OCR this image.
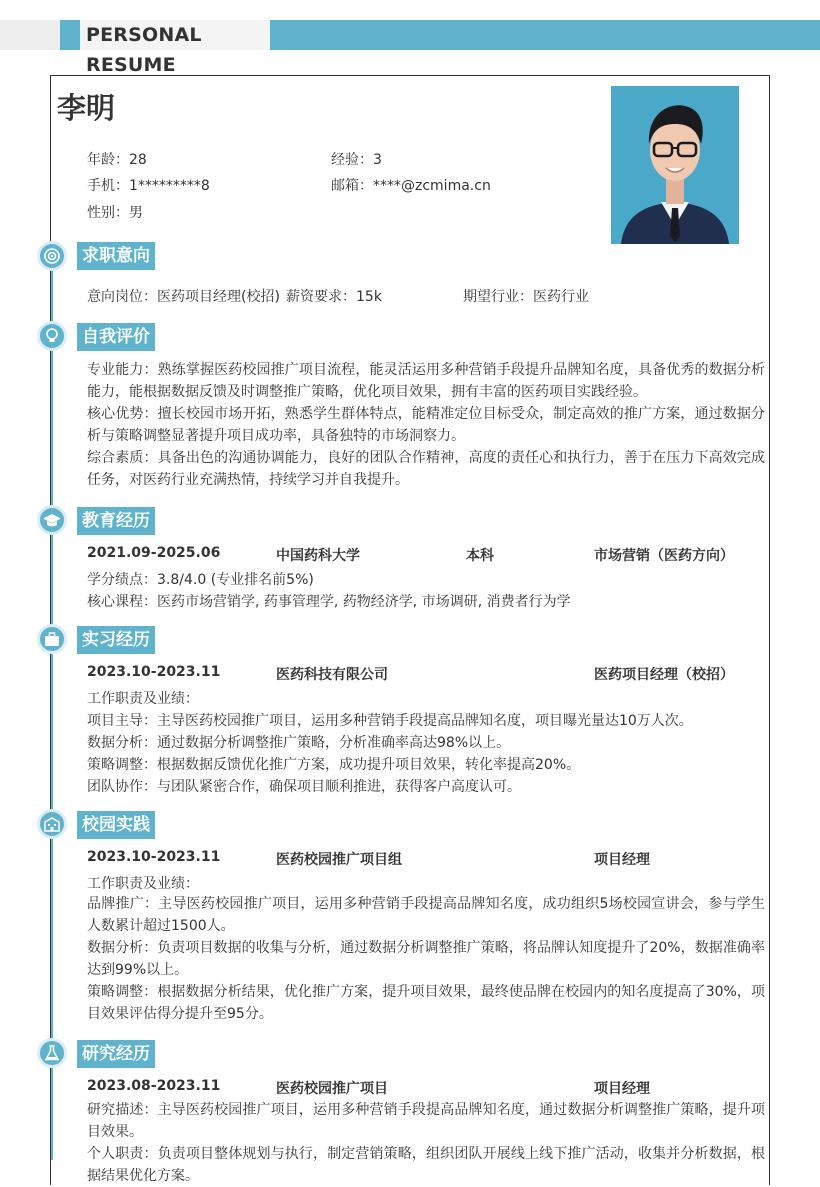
PERSONAL RESUME
李明
年龄：28	经验：3
手机：1*********8	邮箱：****@zcmima.cn
性别：男
求职意向
意向岗位：医药项目经理(校招) 薪资要求：15k	期望行业：医药行业
自我评价
专业能力：熟练掌握医药校园推广项目流程，能灵活运用多种营销手段提升品牌知名度，具备优秀的数据分析能力，能根据数据反馈及时调整推广策略，优化项目效果，拥有丰富的医药项目实践经验。
核心优势：擅长校园市场开拓，熟悉学生群体特点，能精准定位目标受众，制定高效的推广方案，通过数据分析与策略调整显著提升项目成功率，具备独特的市场洞察力。
综合素质：具备出色的沟通协调能力，良好的团队合作精神，高度的责任心和执行力，善于在压力下高效完成任务，对医药行业充满热情，持续学习并自我提升。
教育经历
2021.09-2025.06	中国药科大学	本科	市场营销（医药方向）
学分绩点：3.8/4.0 (专业排名前5%)
核心课程：医药市场营销学, 药事管理学, 药物经济学, 市场调研, 消费者行为学
实习经历
2023.10-2023.11	医药科技有限公司	医药项目经理（校招）
工作职责及业绩：
项目主导：主导医药校园推广项目，运用多种营销手段提高品牌知名度，项目曝光量达10万人次。
数据分析：通过数据分析调整推广策略，分析准确率高达98%以上。
策略调整：根据数据反馈优化推广方案，成功提升项目效果，转化率提高20%。
团队协作：与团队紧密合作，确保项目顺利推进，获得客户高度认可。
校园实践
2023.10-2023.11	医药校园推广项目组	项目经理
工作职责及业绩：
品牌推广：主导医药校园推广项目，运用多种营销手段提高品牌知名度，成功组织5场校园宣讲会，参与学生人数累计超过1500人。
数据分析：负责项目数据的收集与分析，通过数据分析调整推广策略，将品牌认知度提升了20%，数据准确率达到99%以上。
策略调整：根据数据分析结果，优化推广方案，提升项目效果，最终使品牌在校园内的知名度提高了30%，项目效果评估得分提升至95分。
研究经历
2023.08-2023.11	医药校园推广项目	项目经理
研究描述：主导医药校园推广项目，运用多种营销手段提高品牌知名度，通过数据分析调整推广策略，提升项目效果。
个人职责：负责项目整体规划与执行，制定营销策略，组织团队开展线上线下推广活动，收集并分析数据，根据结果优化方案。
